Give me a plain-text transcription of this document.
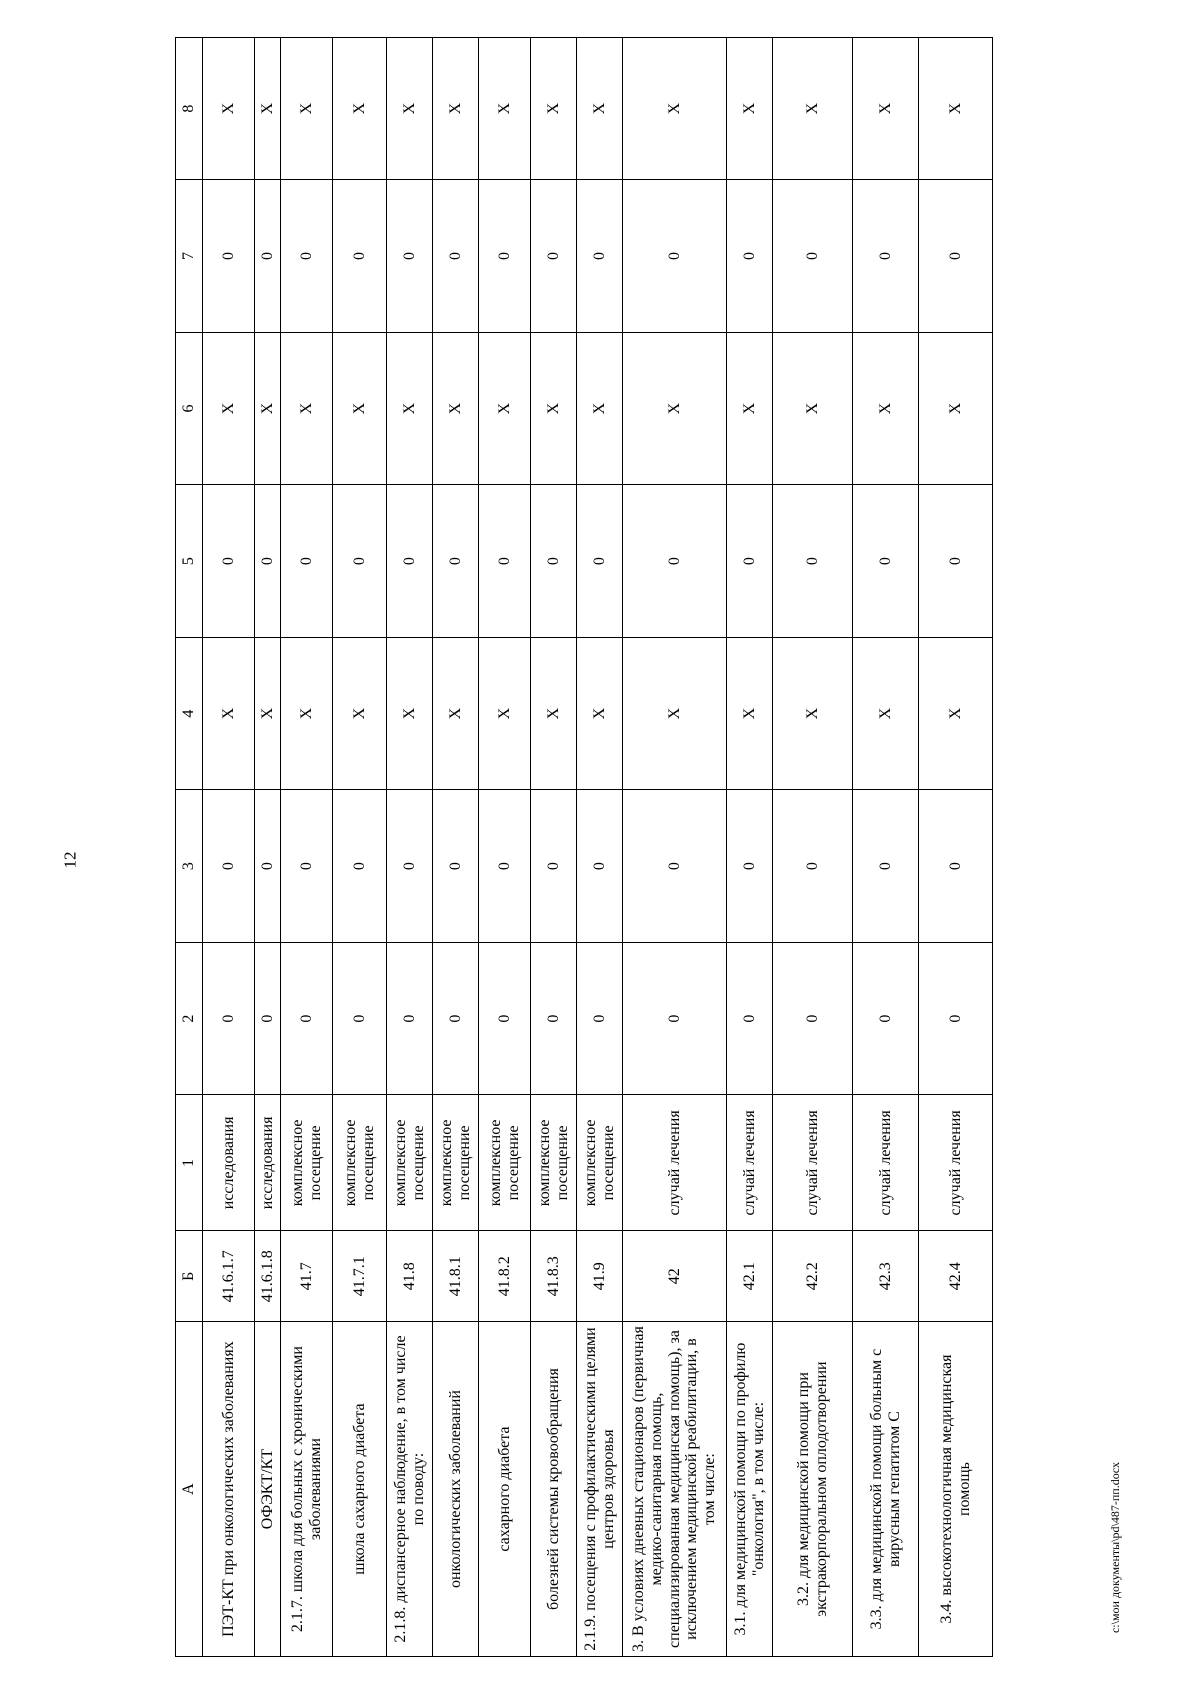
12
А	Б	1	2	3	4	5	6	7	8
ПЭТ-КТ при онкологических заболеваниях	41.6.1.7	исследования	0	0	Х	0	Х	0	Х
ОФЭКТ/КТ	41.6.1.8	исследования	0	0	Х	0	Х	0	Х
2.1.7. школа для больных с хроническими заболеваниями	41.7	комплексное посещение	0	0	Х	0	Х	0	Х
школа сахарного диабета	41.7.1	комплексное посещение	0	0	Х	0	Х	0	Х
2.1.8. диспансерное наблюдение, в том числе по поводу:	41.8	комплексное посещение	0	0	Х	0	Х	0	Х
онкологических заболеваний	41.8.1	комплексное посещение	0	0	Х	0	Х	0	Х
сахарного диабета	41.8.2	комплексное посещение	0	0	Х	0	Х	0	Х
болезней системы кровообращения	41.8.3	комплексное посещение	0	0	Х	0	Х	0	Х
2.1.9. посещения с профилактическими целями центров здоровья	41.9	комплексное посещение	0	0	Х	0	Х	0	Х
3. В условиях дневных стационаров (первичная медико-санитарная помощь, специализированная медицинская помощь), за исключением медицинской реабилитации, в том числе:	42	случай лечения	0	0	Х	0	Х	0	Х
3.1. для медицинской помощи по профилю "онкология", в том числе:	42.1	случай лечения	0	0	Х	0	Х	0	Х
3.2. для медицинской помощи при экстракорпоральном оплодотворении	42.2	случай лечения	0	0	Х	0	Х	0	Х
3.3. для медицинской помощи больным с вирусным гепатитом С	42.3	случай лечения	0	0	Х	0	Х	0	Х
3.4. высокотехнологичная медицинская помощь	42.4	случай лечения	0	0	Х	0	Х	0	Х
c:\мои документы\pd\487-пп.docx
